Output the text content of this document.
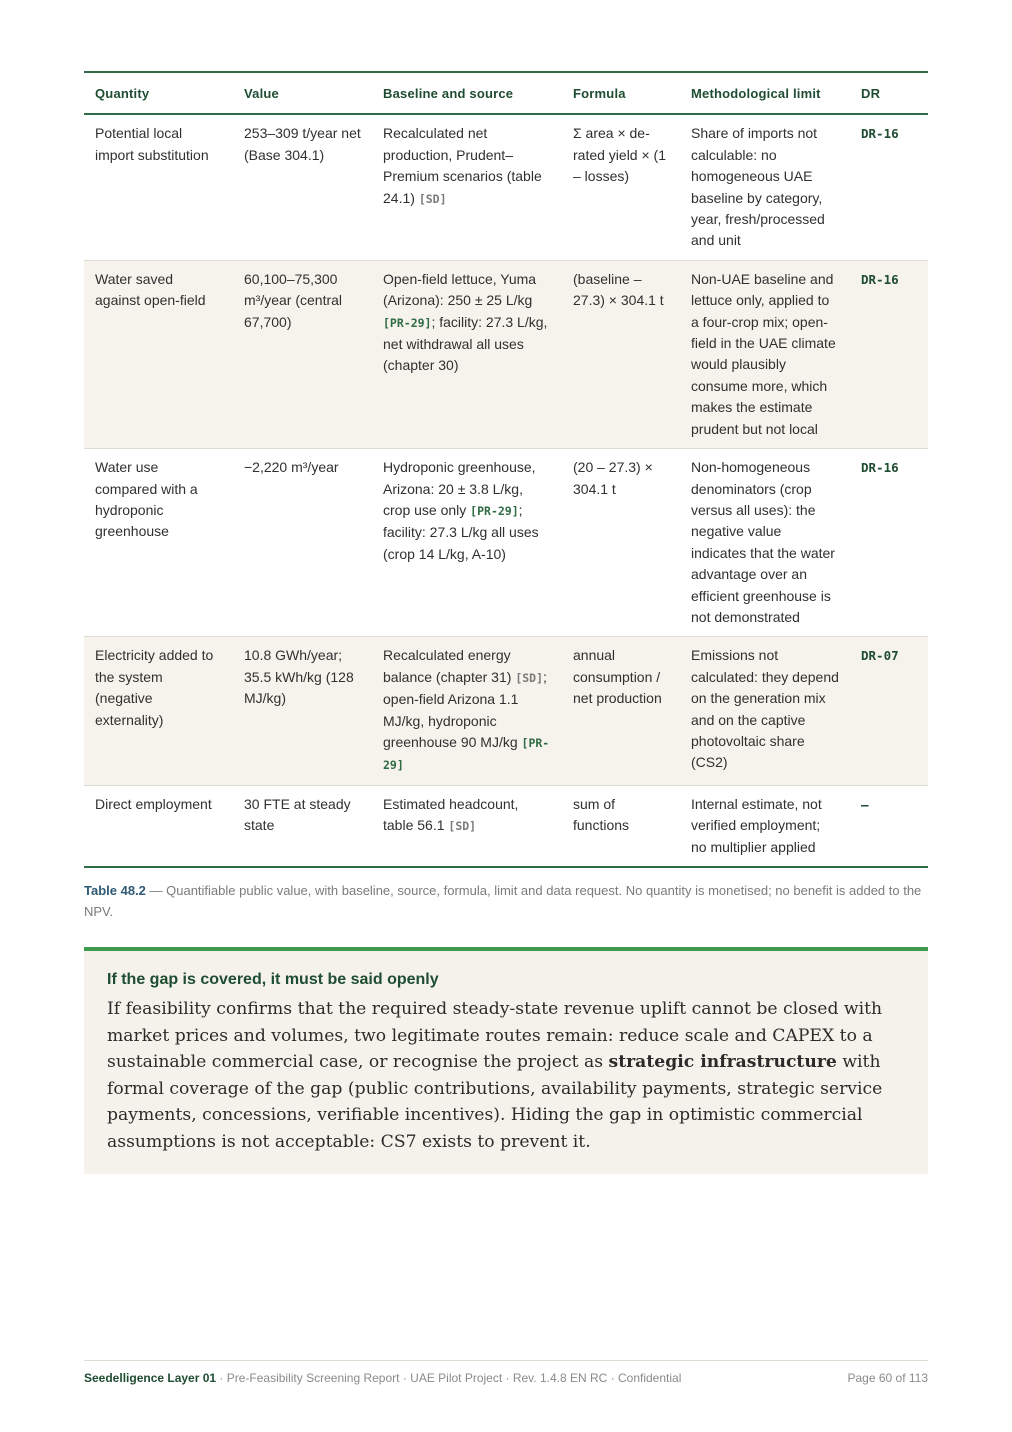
Quantity	Value	Baseline and source	Formula	Methodological limit	DR
Potential local import substitution	253–309 t/year net (Base 304.1)	Recalculated net production, Prudent–Premium scenarios (table 24.1) [SD]	Σ area × de-rated yield × (1 – losses)	Share of imports not calculable: no homogeneous UAE baseline by category, year, fresh/processed and unit	DR-16
Water saved against open-field	60,100–75,300 m³/year (central 67,700)	Open-field lettuce, Yuma (Arizona): 250 ± 25 L/kg [PR-29]; facility: 27.3 L/kg, net withdrawal all uses (chapter 30)	(baseline – 27.3) × 304.1 t	Non-UAE baseline and lettuce only, applied to a four-crop mix; open-field in the UAE climate would plausibly consume more, which makes the estimate prudent but not local	DR-16
Water use compared with a hydroponic greenhouse	−2,220 m³/year	Hydroponic greenhouse, Arizona: 20 ± 3.8 L/kg, crop use only [PR-29]; facility: 27.3 L/kg all uses (crop 14 L/kg, A-10)	(20 – 27.3) × 304.1 t	Non-homogeneous denominators (crop versus all uses): the negative value indicates that the water advantage over an efficient greenhouse is not demonstrated	DR-16
Electricity added to the system (negative externality)	10.8 GWh/year; 35.5 kWh/kg (128 MJ/kg)	Recalculated energy balance (chapter 31) [SD]; open-field Arizona 1.1 MJ/kg, hydroponic greenhouse 90 MJ/kg [PR-29]	annual consumption / net production	Emissions not calculated: they depend on the generation mix and on the captive photovoltaic share (CS2)	DR-07
Direct employment	30 FTE at steady state	Estimated headcount, table 56.1 [SD]	sum of functions	Internal estimate, not verified employment; no multiplier applied	—
Table 48.2 — Quantifiable public value, with baseline, source, formula, limit and data request. No quantity is monetised; no benefit is added to the NPV.
If the gap is covered, it must be said openly

If feasibility confirms that the required steady-state revenue uplift cannot be closed with market prices and volumes, two legitimate routes remain: reduce scale and CAPEX to a sustainable commercial case, or recognise the project as strategic infrastructure with formal coverage of the gap (public contributions, availability payments, strategic service payments, concessions, verifiable incentives). Hiding the gap in optimistic commercial assumptions is not acceptable: CS7 exists to prevent it.

Seedelligence Layer 01 · Pre-Feasibility Screening Report · UAE Pilot Project · Rev. 1.4.8 EN RC · Confidential	Page 60 of 113
